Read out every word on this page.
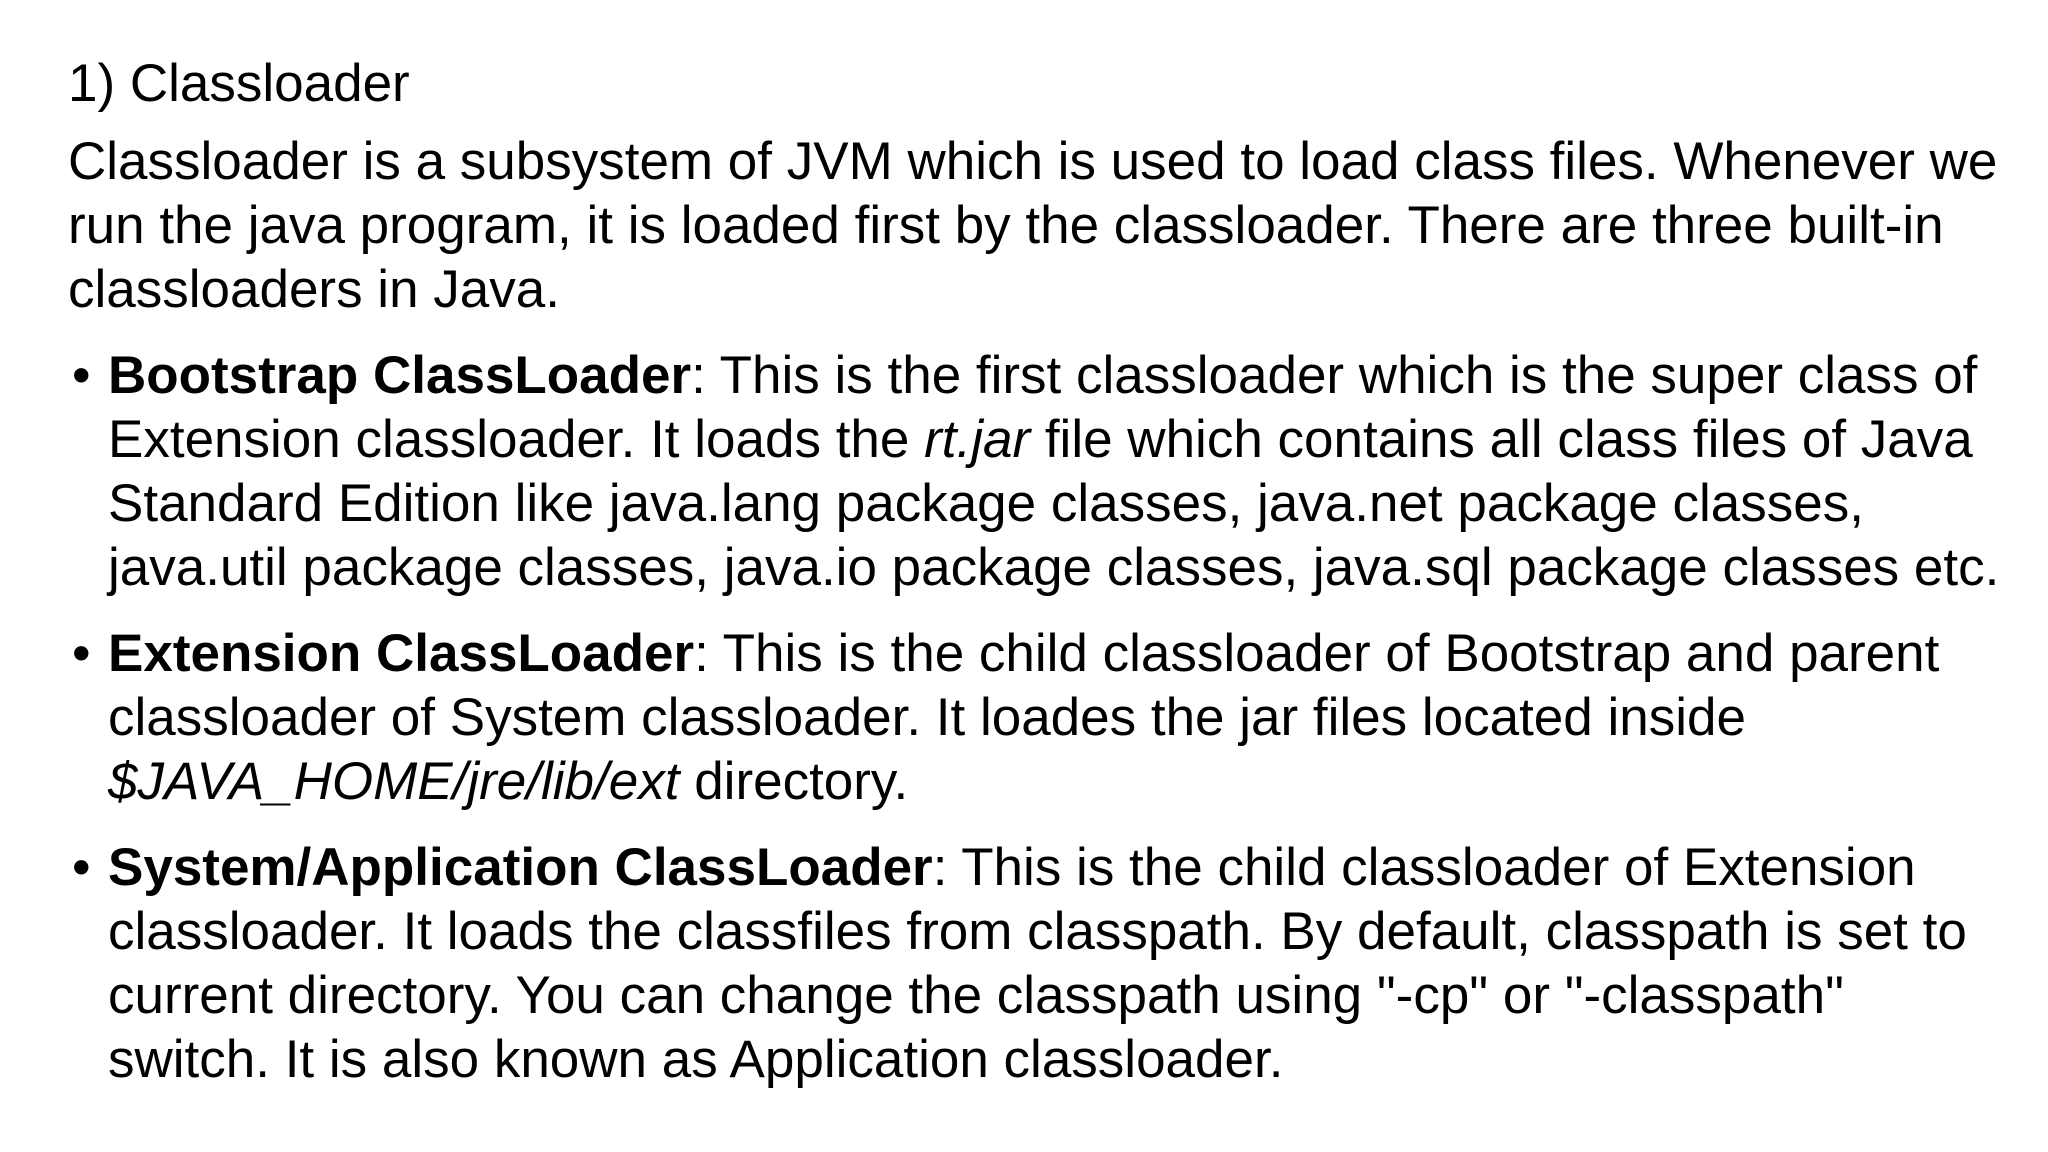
1) Classloader

Classloader is a subsystem of JVM which is used to load class files. Whenever we run the java program, it is loaded first by the classloader. There are three built-in classloaders in Java.

• Bootstrap ClassLoader: This is the first classloader which is the super class of Extension classloader. It loads the rt.jar file which contains all class files of Java Standard Edition like java.lang package classes, java.net package classes, java.util package classes, java.io package classes, java.sql package classes etc.
• Extension ClassLoader: This is the child classloader of Bootstrap and parent classloader of System classloader. It loades the jar files located inside $JAVA_HOME/jre/lib/ext directory.
• System/Application ClassLoader: This is the child classloader of Extension classloader. It loads the classfiles from classpath. By default, classpath is set to current directory. You can change the classpath using "-cp" or "-classpath" switch. It is also known as Application classloader.
